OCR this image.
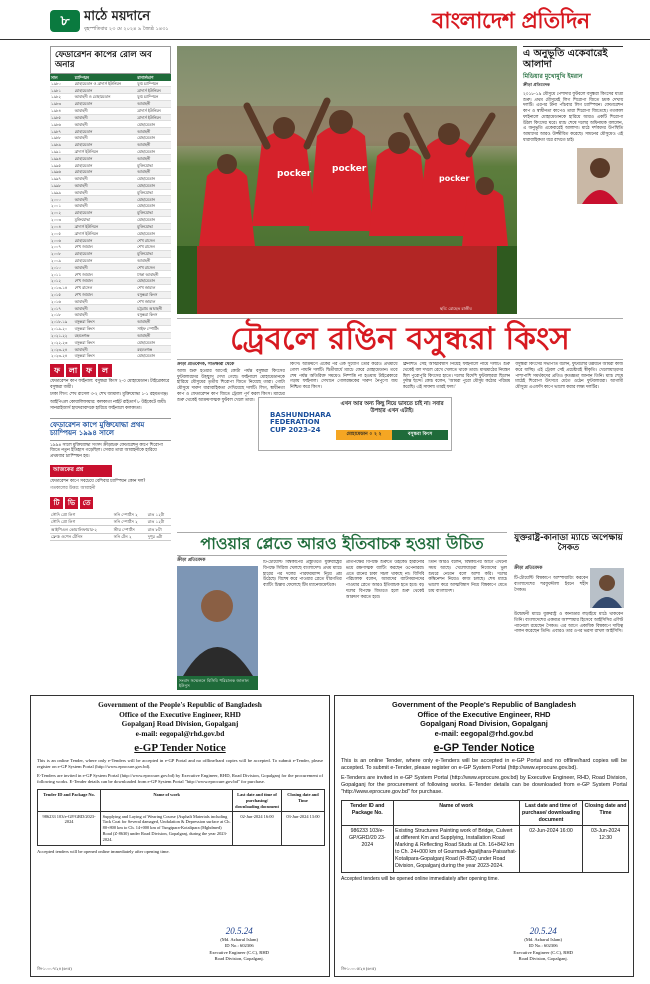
৮	মাঠে ময়দানে
বৃহস্পতিবার ২৩ মে ২০২৪ ৯ জ্যৈষ্ঠ ১৪৩১	বাংলাদেশ প্রতিদিন
ফেডারেশন কাপের রোল অব অনার
সাল	চ্যাম্পিয়ন	রানার্সআপ
১৯৮০	মোহামেডান ও ব্রাদার্স ইউনিয়ন	যুগ্ম চ্যাম্পিয়ন
১৯৮১	মোহামেডান	ব্রাদার্স ইউনিয়ন
১৯৮২	আবাহনী ও মোহামেডান	যুগ্ম চ্যাম্পিয়ন
১৯৮৩	মোহামেডান	আবাহনী
১৯৮৪	আবাহনী	ব্রাদার্স ইউনিয়ন
১৯৮৫	আবাহনী	ব্রাদার্স ইউনিয়ন
১৯৮৬	আবাহনী	মোহামেডান
১৯৮৭	মোহামেডান	আবাহনী
১৯৮৮	আবাহনী	মোহামেডান
১৯৮৯	মোহামেডান	আবাহনী
১৯৯১	ব্রাদার্স ইউনিয়ন	মোহামেডান
১৯৯৪	মোহামেডান	আবাহনী
১৯৯৫	মোহামেডান	মুক্তিযোদ্ধা
১৯৯৬	মোহামেডান	আবাহনী
১৯৯৭	আবাহনী	মোহামেডান
১৯৯৮	আবাহনী	মোহামেডান
১৯৯৯	আবাহনী	মুক্তিযোদ্ধা
২০০০	আবাহনী	মোহামেডান
২০০১	আবাহনী	মোহামেডান
২০০২	মোহামেডান	মুক্তিযোদ্ধা
২০০৩	মুক্তিযোদ্ধা	মোহামেডান
২০০৪	ব্রাদার্স ইউনিয়ন	মুক্তিযোদ্ধা
২০০৫	ব্রাদার্স ইউনিয়ন	মোহামেডান
২০০৬	মোহামেডান	শেখ রাসেল
২০০৭	শেখ জামাল	শেখ রাসেল
২০০৮	মোহামেডান	মুক্তিযোদ্ধা
২০০৯	মোহামেডান	আবাহনী
২০১০	আবাহনী	শেখ রাসেল
২০১১	শেখ জামাল	ঢাকা আবাহনী
২০১২	শেখ জামাল	মোহামেডান
২০১৩-১৪	শেখ রাসেল	শেখ জামাল
২০১৫	শেখ জামাল	বসুন্ধরা কিংস
২০১৬	আবাহনী	শেখ জামাল
২০১৭	আবাহনী	চট্টগ্রাম আবাহনী
২০১৮	আবাহনী	বসুন্ধরা কিংস
২০১৮-১৯	বসুন্ধরা কিংস	আবাহনী
২০১৯-২০	বসুন্ধরা কিংস	সাইফ স্পোর্টিং
২০২১-২২	রহমতগঞ্জ	আবাহনী
২০২২-২৩	বসুন্ধরা কিংস	মোহামেডান
২০২৩-২৪	আবাহনী	রহমতগঞ্জ
২০২৩-২৪	বসুন্ধরা কিংস	মোহামেডান
ফ	লা	ফ	ল
ফেডারেশন কাপ ফাইনাল: বসুন্ধরা কিংস ২-০ মোহামেডান। টাইব্রেকারে বসুন্ধরা জয়ী।
ঢাকা লিগ: শেখ রাসেল ৩-২ শেখ জামাল। মুক্তিযোদ্ধা ১-১ রহমতগঞ্জ।
আইপিএল কোয়ালিফায়ার: কলকাতা নাইট রাইডার্স ৮ উইকেটে জয়ী। সানরাইজার্স হায়দরাবাদকে হারিয়ে ফাইনালে কলকাতা।
ফেডারেশন কাপে মুক্তিযোদ্ধা প্রথম চ্যাম্পিয়ন ১৯৯৪ সালে
১৯৯৪ সালে মুক্তিযোদ্ধা সংসদ ক্রীড়াচক্র ফেডারেশন কাপে শিরোপা জিতে নতুন ইতিহাস গড়েছিল। সেবার তারা আবাহনীকে হারিয়ে প্রথমবার চ্যাম্পিয়ন হয়।
আজকের প্রশ্ন
ফেডারেশন কাপে সবচেয়ে বেশিবার চ্যাম্পিয়ন কোন দল?
গতকালের উত্তর: আবাহনী
টি	ভি	তে
সৌদি প্রো লিগ	সনি স্পোর্টস ২	রাত ১২টা
সৌদি প্রো লিগ	সনি স্পোর্টস ২	রাত ১২টা
আইপিএল কোয়ালিফায়ার-২	স্টার স্পোর্টস	রাত ৮টা
ফ্রেঞ্চ ওপেন টেনিস	সনি টেন ২	দুপুর ৩টা
pocker pocker
pocker
ছবি: রোহেত রাজীব
এ অনুভূতি একেবারেই আলাদা
মিডিয়ার মুখোমুখি ইমরান
ক্রীড়া প্রতিবেদক
২০১৮-১৯ মৌসুমে পেশাদার ফুটবলে বসুন্ধরা কিংসের যাত্রা শুরু। প্রথম মৌসুমেই লিগ শিরোপা জিতে চমক দেখায় দলটি। এরপর টানা পাঁচবার লিগ চ্যাম্পিয়ন। ফেডারেশন কাপ ও স্বাধীনতা কাপেও তারা শিরোপা জিতেছে। গতকাল ফাইনালে মোহামেডানকে হারিয়ে আরও একটি শিরোপা উঠল কিংসের ঘরে। ম্যাচ শেষে দলের অধিনায়ক বললেন, এ অনুভূতি একেবারেই আলাদা। মাঠে দর্শকদের উপস্থিতি আমাদের আরও উজ্জীবিত করেছে। সামনের মৌসুমেও এই ধারাবাহিকতা ধরে রাখতে চাই।
ট্রেবলে রঙিন বসুন্ধরা কিংস
ক্রীড়া প্রতিবেদক, সাতক্ষীরা থেকে
আজ শুরু হওয়ার আগেই কোটা পর্যন্ত বসুন্ধরা কিংসের ফুটবলারদের উচ্ছ্বাস দেখা গেছে। ফাইনালে মোহামেডানকে হারিয়ে মৌসুমের তৃতীয় শিরোপা জিতে নিয়েছে তারা। গোটা মৌসুমে দারুণ ধারাবাহিকতা দেখিয়েছে দলটি। লিগ, স্বাধীনতা কাপ ও ফেডারেশন কাপ জিতে ট্রেবল পূর্ণ করল কিংস। ম্যাচের শুরু থেকেই আক্রমণাত্মক ফুটবল খেলে তারা।
কিংস। আক্রমণে একের পর এক সুযোগ তৈরি করেও প্রথমার্ধে গোল পায়নি দলটি। দ্বিতীয়ার্ধে ম্যাচে ফেরে মোহামেডান। তবে শেষ পর্যন্ত অতিরিক্ত সময়েও নিষ্পত্তি না হওয়ায় টাইব্রেকারে গড়ায় ফাইনাল। সেখানে গোলরক্ষকের দারুণ নৈপুণ্যে জয় নিশ্চিত করে কিংস।
ক্লিনশিট। সেই আত্মবিশ্বাস নিয়েই ফাইনালে নামে দলটি। শুরু থেকেই বল দখলে রেখে খেলতে থাকে তারা। মাঝমাঠের নিয়ন্ত্রণ ছিল পুরোপুরি কিংসের হাতে। দলের বিদেশি ফুটবলাররা ছিলেন দুর্দান্ত ছন্দে। কোচ বলেন, 'আমরা পুরো মৌসুম কঠোর পরিশ্রম করেছি। এই সাফল্য তারই ফল।'
বসুন্ধরা কিংসের সভাপতি বলেন, ফুটবলের উন্নয়নে আমরা কাজ করে যাচ্ছি। এই ট্রেবল সেই প্রচেষ্টারই স্বীকৃতি। খেলোয়াড়দের পাশাপাশি সমর্থকদের প্রতিও কৃতজ্ঞতা জানান তিনি। ম্যাচ শেষে মাঠেই শিরোপা উৎসবে মেতে ওঠেন ফুটবলাররা। আগামী মৌসুমে এএফসি কাপে ভালো করার লক্ষ্য দলটির।
BASHUNDHARA FEDERATION CUP 2023-24
এখন আর অন্য কিছু নিয়ে ভাবতে চাই না। সবার উপহার এখন এটাই।
মোহামেডান ০ ২ ২	বসুন্ধরা কিংস
পাওয়ার প্লেতে আরও ইতিবাচক হওয়া উচিত
ক্রীড়া প্রতিবেদক
সংবাদ সম্মেলনে বিসিবি পরিচালক জালাল ইউনুস
টি-টোয়েন্টি বিশ্বকাপের প্রস্তুতিতে যুক্তরাষ্ট্রের বিপক্ষে সিরিজ খেলছে বাংলাদেশ। প্রথম ম্যাচে হারের পর দলের পারফরম্যান্স নিয়ে প্রশ্ন উঠেছে। বিশেষ করে পাওয়ার প্লেতে ধীরগতির ব্যাটিং চিন্তায় ফেলেছে টিম ম্যানেজমেন্টকে।
প্রতিপক্ষের বিপক্ষে শুরুতে উইকেট হারানোর ভয়ে রক্ষণাত্মক ব্যাটিং করছেন ওপেনাররা। এতে রানের চাকা সচল থাকছে না। বিসিবি পরিচালক বলেন, আমাদের ব্যাটসম্যানদের পাওয়ার প্লেতে আরও ইতিবাচক হতে হবে। বড় দলের বিপক্ষে জিততে হলে শুরু থেকেই আক্রমণ করতে হবে।
তিনি আরও বলেন, বিশ্বকাপের আগে এখনো সময় আছে। খেলোয়াড়রা নিজেদের ভুল শুধরে নেবেন বলে আশা করি। দলের কম্বিনেশন নিয়েও কাজ চলছে। শেষ ম্যাচে ভালো করে আত্মবিশ্বাস নিয়ে বিশ্বকাপে যেতে চায় বাংলাদেশ।
যুক্তরাষ্ট্র-কানাডা ম্যাচে অপেক্ষায় সৈকত
ক্রীড়া প্রতিবেদক
টি-টোয়েন্টি বিশ্বকাপে আম্পায়ারিং করবেন বাংলাদেশের শরফুদ্দৌলা ইবনে শহীদ সৈকত।
উদ্বোধনী ম্যাচে যুক্তরাষ্ট্র ও কানাডার লড়াইয়ে মাঠে থাকবেন তিনি। বাংলাদেশের একমাত্র আম্পায়ার হিসেবে আইসিসির এলিট প্যানেলে রয়েছেন সৈকত। এর আগে একাধিক বিশ্বকাপে দায়িত্ব পালন করেছেন তিনি। এবারও তার ওপর ভরসা রাখল আইসিসি।
Government of the People's Republic of Bangladesh
Office of the Executive Engineer, RHD
Gopalganj Road Division, Gopalganj
e-mail: eegopal@rhd.gov.bd
e-GP Tender Notice
This is an online Tender, where only e-Tenders will be accepted in e-GP Portal and no offline/hard copies will be accepted. To submit e-Tender, please register on e-GP System Portal (http://www.eprocure.gov.bd).
E-Tenders are invited in e-GP System Portal (http://www.eprocure.gov.bd) by Executive Engineer, RHD, Road Division, Gopalganj for the procurement of following works. E-Tender details can be downloaded from e-GP System Portal "http://www.eprocure.gov.bd" for purchase.
Tender ID and Package No.	Name of work	Last date and time of purchasing/ downloading document	Closing date and Time
986233 103/e-GP/GRD/2023-2024	Supplying and Laying of Wearing Course (Asphalt Materials including Tack Coat for Several damaged, Undulation & Depression surface at Ch. 80+800 km to Ch. 14+000 km of Tungipara-Kotalipara (Mghdmed) Road (Z-8630) under Road Division, Gopalganj, during the year 2023-2024.	02-Jun-2024 16:00	03-Jun-2024 13:00
Accepted tenders will be opened online immediately after opening time.
20.5.24
(Md. Azharul Islam)
ID No.: 602306
Executive Engineer (C.C), RHD
Road Division, Gopalganj.
জি-১০০০৭/২৪ (৬×৫)
Government of the People's Republic of Bangladesh
Office of the Executive Engineer, RHD
Gopalganj Road Division, Gopalganj
e-mail: eegopal@rhd.gov.bd
e-GP Tender Notice
This is an online Tender, where only e-Tenders will be accepted in e-GP Portal and no offline/hard copies will be accepted. To submit e-Tender, please register on e-GP System Portal (http://www.eprocure.gov.bd).
E-Tenders are invited in e-GP System Portal (http://www.eprocure.gov.bd) by Executive Engineer, RHD, Road Division, Gopalganj for the procurement of following works. E-Tender details can be downloaded from e-GP System Portal "http://www.eprocure.gov.bd" for purchase.
Tender ID and Package No.	Name of work	Last date and time of purchase/ downloading document	Closing date and Time
986233 103/e-GP/GRD/20 23-2024	Existing Structures Painting work of Bridge, Culvert at different Km and Supplying, Installation Road Marking & Reflecting Road Studs at Ch. 16+842 km to Ch. 24+000 km of Gourmadi-Agailjhara-Paisarhat-Kotalipara-Gopalganj Road (R-852) under Road Division, Gopalganj during the year 2023-2024.	02-Jun-2024 16:00	03-Jun-2024 12:30
Accepted tenders will be opened online immediately after opening time.
20.5.24
(Md. Azharul Islam)
ID No.: 602306
Executive Engineer (C.C), RHD
Road Division, Gopalganj.
জি-১০০০৫/২৪ (৬×৫)
